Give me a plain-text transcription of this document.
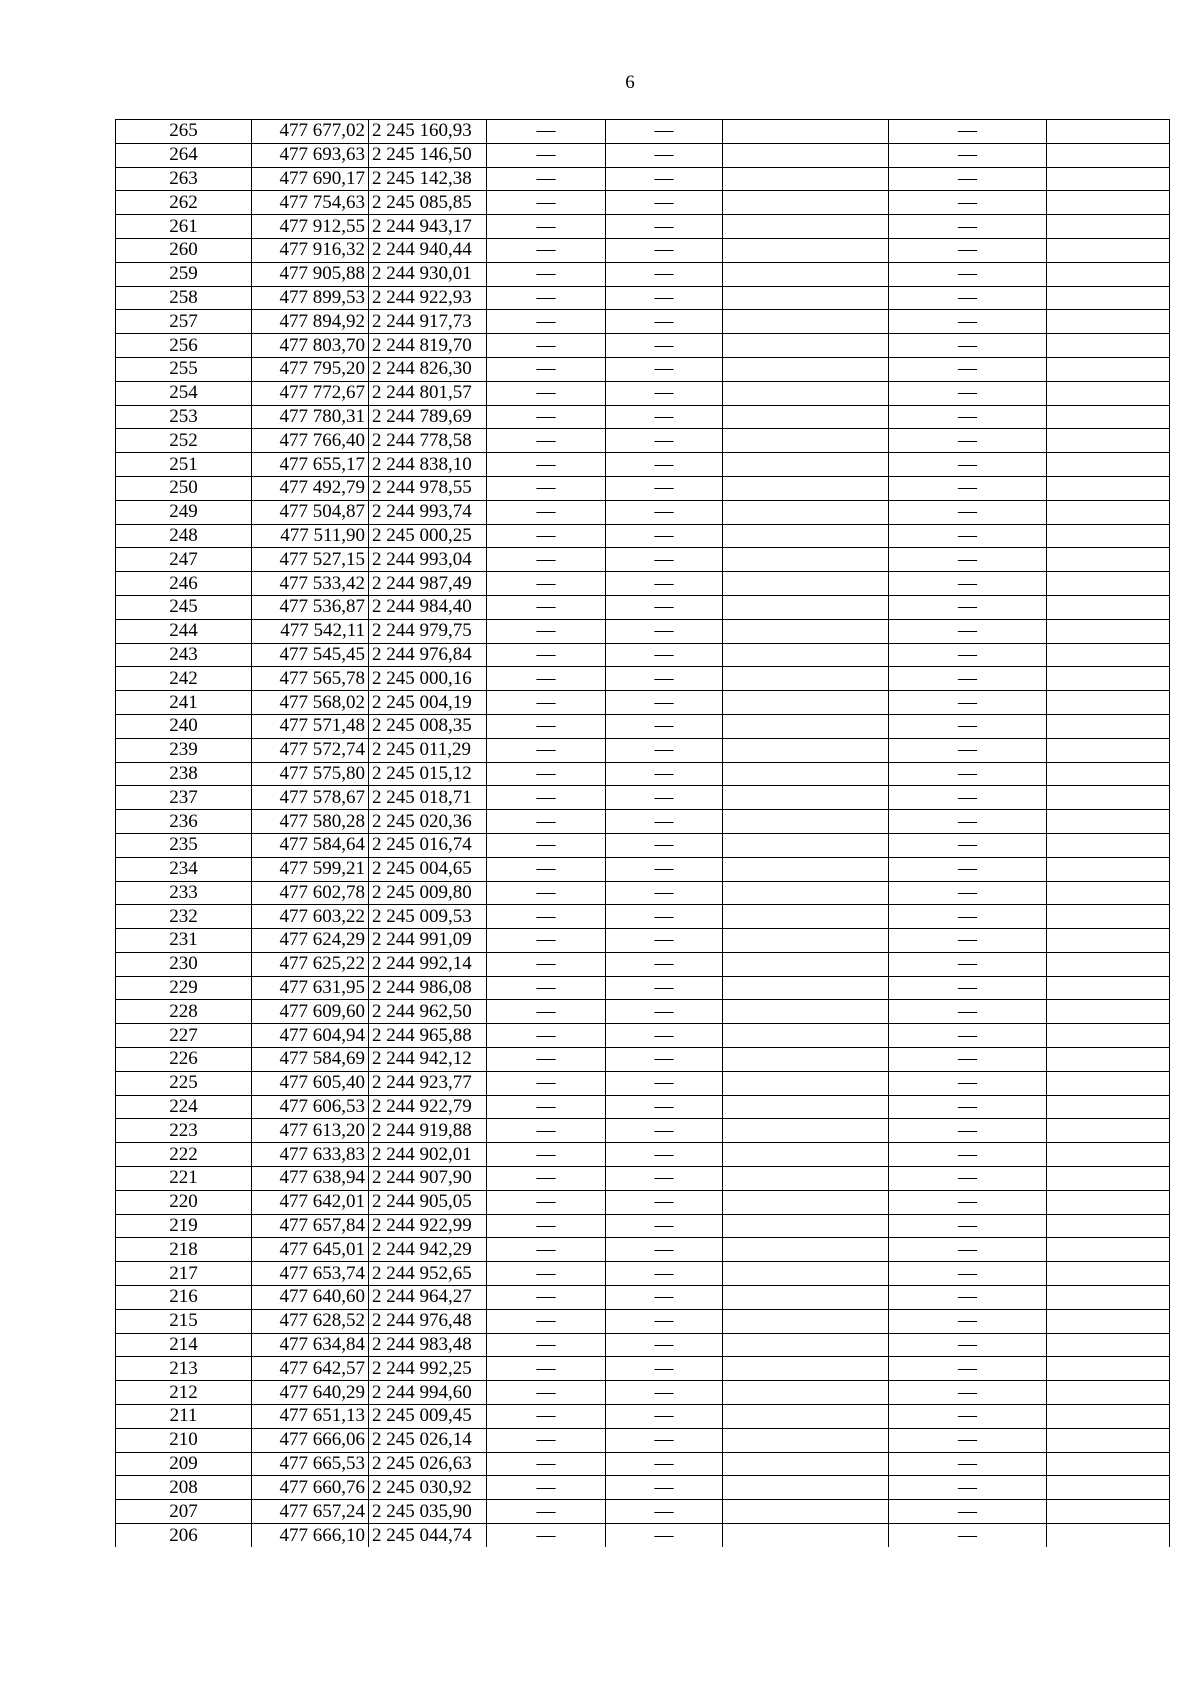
6
265	477 677,02	2 245 160,93	—	—		—	
264	477 693,63	2 245 146,50	—	—		—	
263	477 690,17	2 245 142,38	—	—		—	
262	477 754,63	2 245 085,85	—	—		—	
261	477 912,55	2 244 943,17	—	—		—	
260	477 916,32	2 244 940,44	—	—		—	
259	477 905,88	2 244 930,01	—	—		—	
258	477 899,53	2 244 922,93	—	—		—	
257	477 894,92	2 244 917,73	—	—		—	
256	477 803,70	2 244 819,70	—	—		—	
255	477 795,20	2 244 826,30	—	—		—	
254	477 772,67	2 244 801,57	—	—		—	
253	477 780,31	2 244 789,69	—	—		—	
252	477 766,40	2 244 778,58	—	—		—	
251	477 655,17	2 244 838,10	—	—		—	
250	477 492,79	2 244 978,55	—	—		—	
249	477 504,87	2 244 993,74	—	—		—	
248	477 511,90	2 245 000,25	—	—		—	
247	477 527,15	2 244 993,04	—	—		—	
246	477 533,42	2 244 987,49	—	—		—	
245	477 536,87	2 244 984,40	—	—		—	
244	477 542,11	2 244 979,75	—	—		—	
243	477 545,45	2 244 976,84	—	—		—	
242	477 565,78	2 245 000,16	—	—		—	
241	477 568,02	2 245 004,19	—	—		—	
240	477 571,48	2 245 008,35	—	—		—	
239	477 572,74	2 245 011,29	—	—		—	
238	477 575,80	2 245 015,12	—	—		—	
237	477 578,67	2 245 018,71	—	—		—	
236	477 580,28	2 245 020,36	—	—		—	
235	477 584,64	2 245 016,74	—	—		—	
234	477 599,21	2 245 004,65	—	—		—	
233	477 602,78	2 245 009,80	—	—		—	
232	477 603,22	2 245 009,53	—	—		—	
231	477 624,29	2 244 991,09	—	—		—	
230	477 625,22	2 244 992,14	—	—		—	
229	477 631,95	2 244 986,08	—	—		—	
228	477 609,60	2 244 962,50	—	—		—	
227	477 604,94	2 244 965,88	—	—		—	
226	477 584,69	2 244 942,12	—	—		—	
225	477 605,40	2 244 923,77	—	—		—	
224	477 606,53	2 244 922,79	—	—		—	
223	477 613,20	2 244 919,88	—	—		—	
222	477 633,83	2 244 902,01	—	—		—	
221	477 638,94	2 244 907,90	—	—		—	
220	477 642,01	2 244 905,05	—	—		—	
219	477 657,84	2 244 922,99	—	—		—	
218	477 645,01	2 244 942,29	—	—		—	
217	477 653,74	2 244 952,65	—	—		—	
216	477 640,60	2 244 964,27	—	—		—	
215	477 628,52	2 244 976,48	—	—		—	
214	477 634,84	2 244 983,48	—	—		—	
213	477 642,57	2 244 992,25	—	—		—	
212	477 640,29	2 244 994,60	—	—		—	
211	477 651,13	2 245 009,45	—	—		—	
210	477 666,06	2 245 026,14	—	—		—	
209	477 665,53	2 245 026,63	—	—		—	
208	477 660,76	2 245 030,92	—	—		—	
207	477 657,24	2 245 035,90	—	—		—	
206	477 666,10	2 245 044,74	—	—		—	
